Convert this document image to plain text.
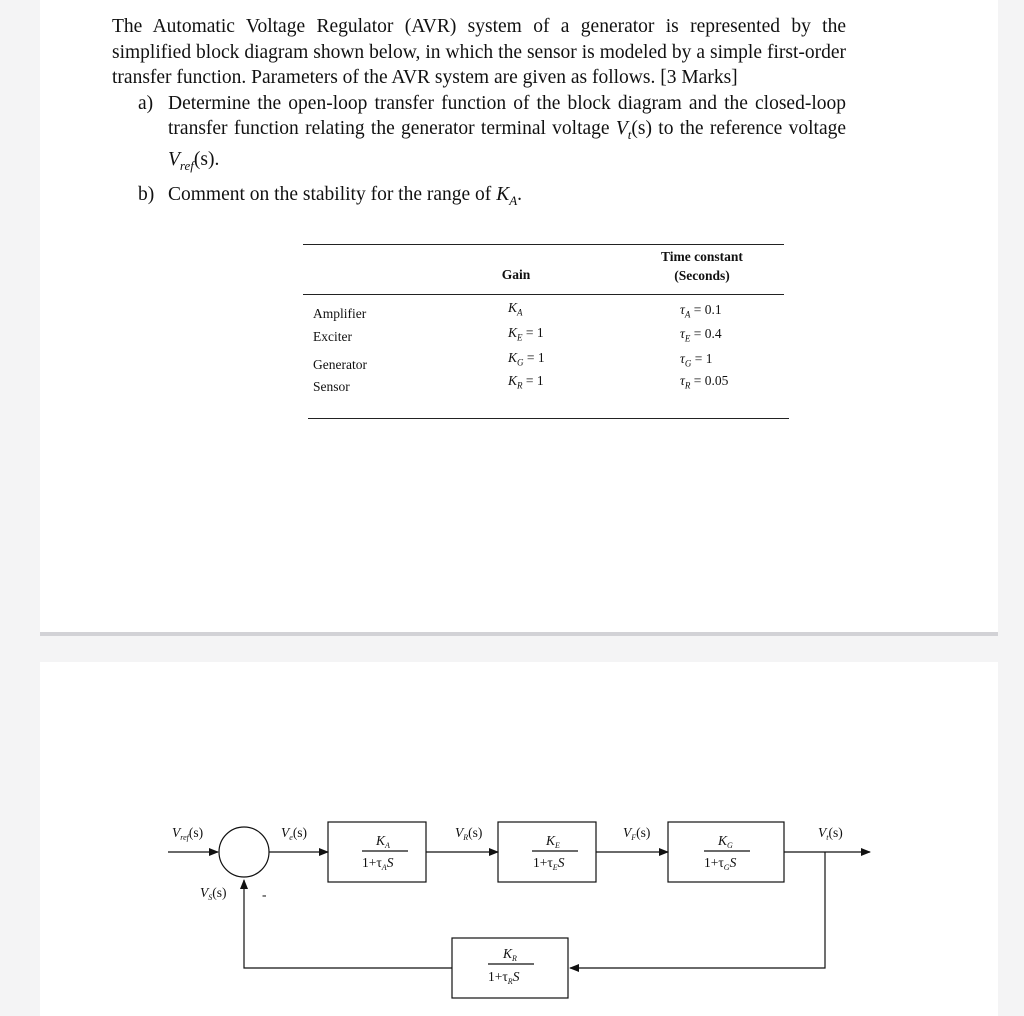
The Automatic Voltage Regulator (AVR) system of a generator is represented by the simplified block diagram shown below, in which the sensor is modeled by a simple first-order transfer function. Parameters of the AVR system are given as follows. [3 Marks]

a) Determine the open-loop transfer function of the block diagram and the closed-loop transfer function relating the generator terminal voltage $V_t(s)$ to the reference voltage $V_{ref}(s)$.
b) Comment on the stability for the range of $K_A$.
Gain
Time constant
(Seconds)
Amplifier	$K_A$	$\tau_A = 0.1$
Exciter	$K_E = 1$	$\tau_E = 0.4$
Generator	$K_G = 1$	$\tau_G = 1$
Sensor	$K_R = 1$	$\tau_R = 0.05$
$V_{ref}(s)$	$V_e(s)$	$V_R(s)$	$V_F(s)$	$V_t(s)$
$V_S(s)$	-
$K_A$
$1+\tau_AS$
$K_E$
$1+\tau_ES$
$K_G$
$1+\tau_GS$
$K_R$
$1+\tau_RS$
